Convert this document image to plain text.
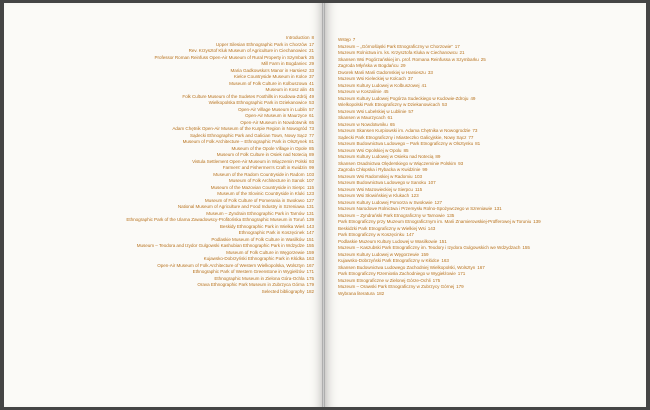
Introduction 8
Upper Silesian Ethnographic Park in Chorzów 17
Rev. Krzysztof Kluk Museum of Agriculture in Ciechanowiec 21
Professor Roman Reinfuss Open-Air Museum of Rural Property in Szymbark 25
Mill Farm in Bogdaniec 29
Maria Gadkowska's Manor in Harsiesz 33
Kielce Countryside Museum in Kolce 37
Museum of Folk Culture in Kolbuszowa 41
Museum in Kosz alin 45
Folk Culture Museum of the Sudetes Foothills in Kudowa-Zdrój 49
Wielkopolska Ethnographic Park in Dziekanowice 53
Open-Air Village Museum in Lublin 57
Open-Air Museum in Maurzyce 61
Open-Air Museum in Nowdotwnik 65
Adam Chętnik Open-Air Museum of the Kurpie Region in Nowogród 73
Sądecki Ethnographic Park and Galician Town, Nowy Sącz 77
Museum of Folk Architecture – Ethnographic Park in Olsztynek 81
Museum of the Opole Village in Opole 85
Museum of Folk Culture in Osiek nad Notecią 89
Vistula Settlement Open-Air Museum in Wiączemin Polski 93
Farmers' and Fishermen's Craft in Kwidzin 99
Museum of the Radom Countryside in Radom 103
Museum of Folk Architecture in Sanok 107
Museum of the Mazovian Countryside in Sierpc 115
Museum of the Slovinic Countryside in Kluki 123
Museum of Folk Culture of Pomerania in Swołowo 127
National Museum of Agriculture and Food Industry in Szreniawa 131
Museum – Zyndrain Ethnographic Park in Tarnów 131
Ethnographic Park of the Ulama Zawadowscy-Profitońska Ethnographic Museum in Toruń 139
Beskidy Ethnographic Park in Wielka Wieś 143
Ethnographic Park in Koszęcinek 147
Podlaskie Museum of Folk Culture in Wasilków 151
Museum – Teodora and Izydor Gulgowski Kashubian Ethnographic Park in Wdzydze 155
Museum of Folk Culture in Węgorzewie 159
Kujawsko-Dobrzyński Ethnographic Park in Kłódka 163
Open-Air Museum of Folk Architecture of Western Wielkopolska, Wolsztyn 167
Ethnographic Park of Western Greenstone in Wygiełżów 171
Ethnographic Museum in Zielona Góra-Ochla 175
Orava Ethnographic Park Museum in Zubrzyca Górna 179
Selected bibliography 182
Wstęp 7
Muzeum – „Górnośląski Park Etnograficzny w Chorzowie” 17
Muzeum Rolnictwa im. ks. Krzysztofa Kluka w Ciechanowcu 21
Skansen Wsi Pogórzańskiej im. prof. Romana Reinfussa w Szymbarku 25
Zagroda Młyńska w Bogdańcu 29
Dworek Marii Marii Gadomskiej w Harsieszu 33
Muzeum Wsi Kieleckiej w Kolcach 37
Muzeum Kultury Ludowej w Kolbuszowej 41
Muzeum w Koszalinie 45
Muzeum Kultury Ludowej Pogórza Sudeckiego w Kudowie-Zdroju 49
Wielkopolski Park Etnograficzny w Dziekanowicach 53
Muzeum Wsi Lubelskiej w Lublinie 57
Skansen w Maurzycach 61
Muzeum w Nowdotwniku 65
Muzeum Skansen Kurpiowski im. Adama Chętnika w Nowogrodzie 73
Sądecki Park Etnograficzny i Miasteczko Galicyjskie, Nowy Sącz 77
Muzeum Budownictwa Ludowego – Park Etnograficzny w Olsztynku 81
Muzeum Wsi Opolskiej w Opolu 85
Muzeum Kultury Ludowej w Osieku nad Notecią 89
Skansen Osadnictwa Olęderskiego w Wiączeminie Polskim 93
Zagroda Chłopska i Rybacka w Kwidzinie 99
Muzeum Wsi Radomskiej w Radomiu 103
Muzeum Budownictwa Ludowego w Sanoku 107
Muzeum Wsi Mazowieckiej w Sierpcu 115
Muzeum Wsi Słowińskiej w Klukach 123
Muzeum Kultury Ludowej Pomorza w Swołowie 127
Muzeum Narodowe Rolnictwa i Przemysłu Rolno-Spożywczego w Szreniawie 131
Muzeum – Zyndrański Park Etnograficzny w Tarnowie 135
Park Etnograficzny przy Muzeum Etnograficznym im. Marii Znamierowskiej-Prüfferowej w Toruniu 139
Beskidzki Park Etnograficzny w Wielkiej Wsi 143
Park Etnograficzny w Koszęcinku 147
Podlaskie Muzeum Kultury Ludowej w Wasilkowie 151
Muzeum – Kaszubski Park Etnograficzny im. Teodory i Izydora Gulgowskich we Wdzydzach 155
Muzeum Kultury Ludowej w Węgorzewie 159
Kujawsko-Dobrzyński Park Etnograficzny w Kłódce 163
Skansen Budownictwa Ludowego Zachodniej Wielkopolski, Wolsztyn 167
Park Etnograficzny Rzemiosła Zachodniego w Wygiełżowie 171
Muzeum Etnograficzne w Zielonej Górze-Ochli 175
Muzeum – Orawski Park Etnograficzny w Zubrzycy Górnej 179
Wybrana literatura 182
